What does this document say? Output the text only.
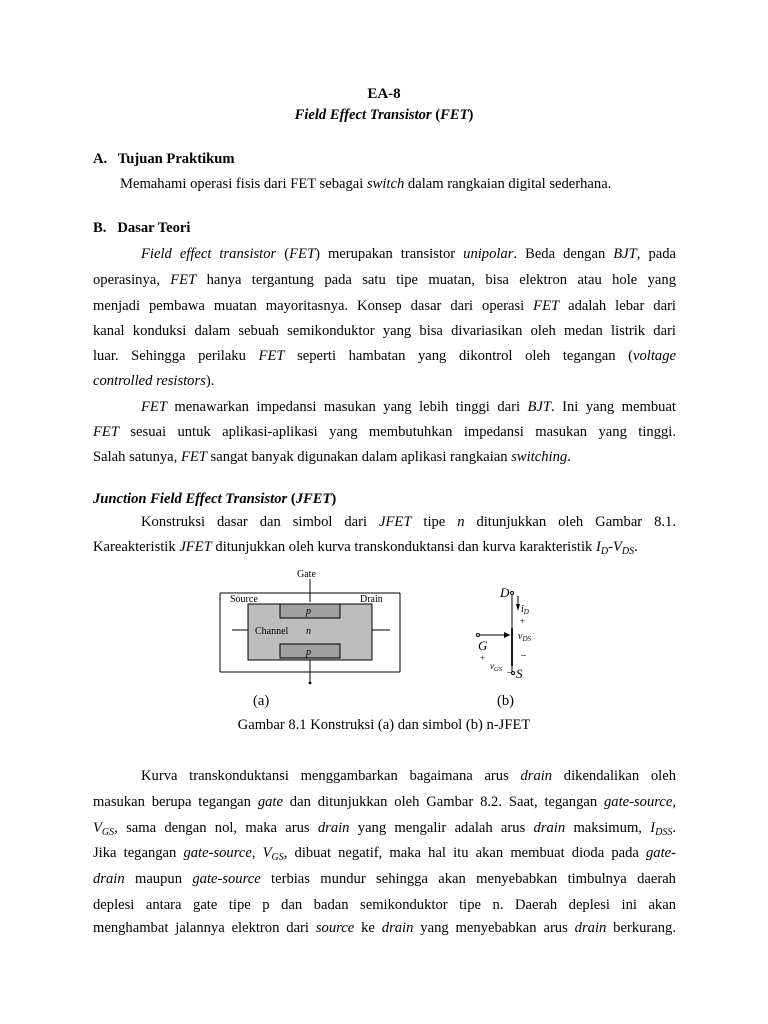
EA-8
Field Effect Transistor (FET)
A.   Tujuan Praktikum
Memahami operasi fisis dari FET sebagai switch dalam rangkaian digital sederhana.
B.   Dasar Teori
Field effect transistor (FET) merupakan transistor unipolar. Beda dengan BJT, pada
operasinya, FET hanya tergantung pada satu tipe muatan, bisa elektron atau hole yang
menjadi pembawa muatan mayoritasnya. Konsep dasar dari operasi FET adalah lebar dari
kanal konduksi dalam sebuah semikonduktor yang bisa divariasikan oleh medan listrik dari
luar. Sehingga perilaku FET seperti hambatan yang dikontrol oleh tegangan (voltage
controlled resistors).
FET menawarkan impedansi masukan yang lebih tinggi dari BJT. Ini yang membuat
FET sesuai untuk aplikasi-aplikasi yang membutuhkan impedansi masukan yang tinggi.
Salah satunya, FET sangat banyak digunakan dalam aplikasi rangkaian switching.
Junction Field Effect Transistor (JFET)
Konstruksi dasar dan simbol dari JFET tipe n ditunjukkan oleh Gambar 8.1.
Kareakteristik JFET ditunjukkan oleh kurva transkonduktansi dan kurva karakteristik $I_D-V_{DS}$.
Gate
Source	Drain
Channel
p
n
p
D
$i_D$
+
$v_{DS}$
–
G
+
$v_{GS}$ – S
(a)	(b)
Gambar 8.1 Konstruksi (a) dan simbol (b) n-JFET
Kurva transkonduktansi menggambarkan bagaimana arus drain dikendalikan oleh
masukan berupa tegangan gate dan ditunjukkan oleh Gambar 8.2. Saat, tegangan gate-source,
$V_{GS}$, sama dengan nol, maka arus drain yang mengalir adalah arus drain maksimum, $I_{DSS}$.
Jika tegangan gate-source, $V_{GS}$, dibuat negatif, maka hal itu akan membuat dioda pada gate-
drain maupun gate-source terbias mundur sehingga akan menyebabkan timbulnya daerah
deplesi antara gate tipe p dan badan semikonduktor tipe n. Daerah deplesi ini akan
menghambat jalannya elektron dari source ke drain yang menyebabkan arus drain berkurang.
